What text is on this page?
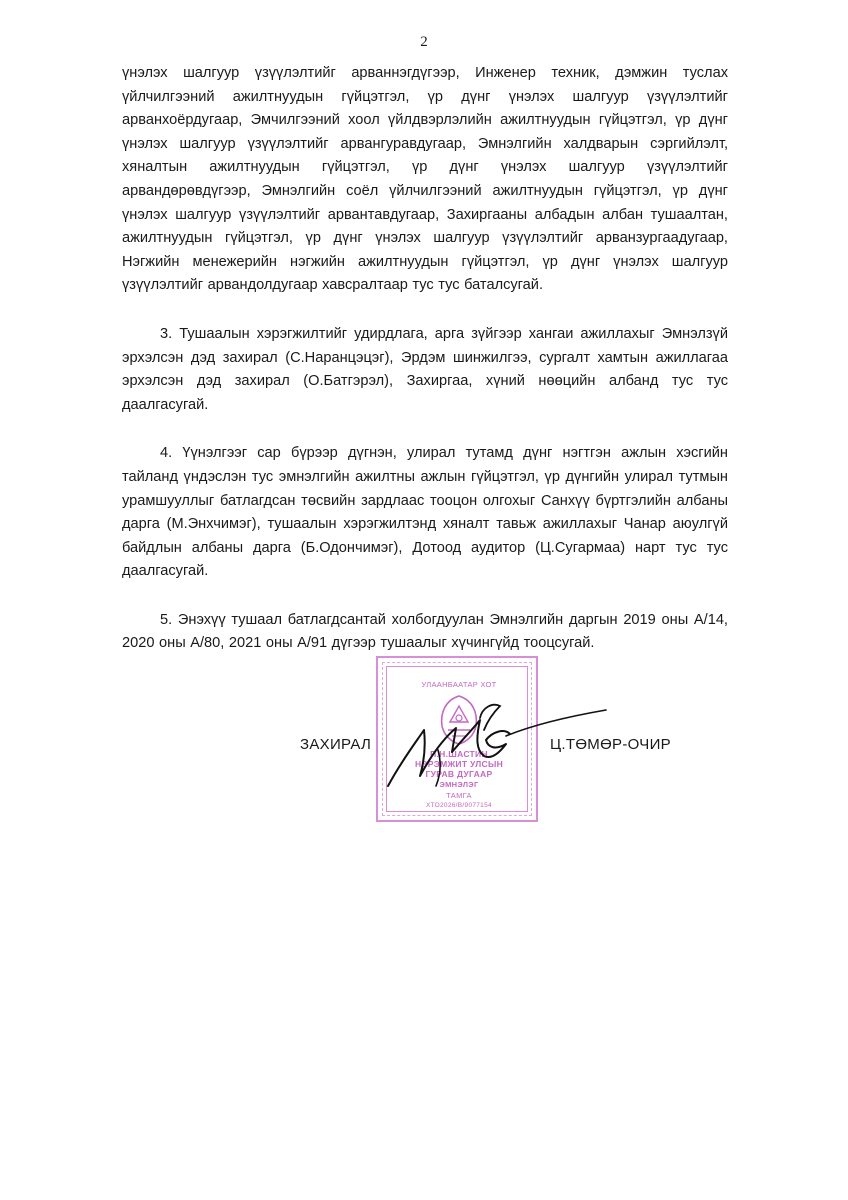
2

үнэлэх шалгуур үзүүлэлтийг арваннэгдүгээр, Инженер техник, дэмжин туслах үйлчилгээний ажилтнуудын гүйцэтгэл, үр дүнг үнэлэх шалгуур үзүүлэлтийг арванхоёрдугаар, Эмчилгээний хоол үйлдвэрлэлийн ажилтнуудын гүйцэтгэл, үр дүнг үнэлэх шалгуур үзүүлэлтийг арвангуравдугаар, Эмнэлгийн халдварын сэргийлэлт, хяналтын ажилтнуудын гүйцэтгэл, үр дүнг үнэлэх шалгуур үзүүлэлтийг арвандөрөвдүгээр, Эмнэлгийн соёл үйлчилгээний ажилтнуудын гүйцэтгэл, үр дүнг үнэлэх шалгуур үзүүлэлтийг арвантавдугаар, Захиргааны албадын албан тушаалтан, ажилтнуудын гүйцэтгэл, үр дүнг үнэлэх шалгуур үзүүлэлтийг арванзургаадугаар, Нэгжийн менежерийн нэгжийн ажилтнуудын гүйцэтгэл, үр дүнг үнэлэх шалгуур үзүүлэлтийг арвандолдугаар хавсралтаар тус тус баталсугай.

3. Тушаалын хэрэгжилтийг удирдлага, арга зүйгээр хангаи ажиллахыг Эмнэлзүй эрхэлсэн дэд захирал (С.Наранцэцэг), Эрдэм шинжилгээ, сургалт хамтын ажиллагаа эрхэлсэн дэд захирал (О.Батгэрэл), Захиргаа, хүний нөөцийн албанд тус тус даалгасугай.

4. Үүнэлгээг сар бүрээр дүгнэн, улирал тутамд дүнг нэгтгэн ажлын хэсгийн тайланд үндэслэн тус эмнэлгийн ажилтны ажлын гүйцэтгэл, үр дүнгийн улирал тутмын урамшууллыг батлагдсан төсвийн зардлаас тооцон олгохыг Санхүү бүртгэлийн албаны дарга (М.Энхчимэг), тушаалын хэрэгжилтэнд хяналт тавьж ажиллахыг Чанар аюулгүй байдлын албаны дарга (Б.Одончимэг), Дотоод аудитор (Ц.Сугармаа) нарт тус тус даалгасугай.

5. Энэхүү тушаал батлагдсантай холбогдуулан Эмнэлгийн даргын 2019 оны А/14, 2020 оны А/80, 2021 оны А/91 дүгээр тушаалыг хүчингүйд тооцсугай.

УЛААНБААТАР ХОТ
П.Н.ШАСТИН
НЭРЭМЖИТ УЛСЫН
ГУРАВ ДУГААР
ЭМНЭЛЭГ
ТАМГА
ХТО2026/В/9077154
ЗАХИРАЛ	Ц.ТӨМӨР-ОЧИР
